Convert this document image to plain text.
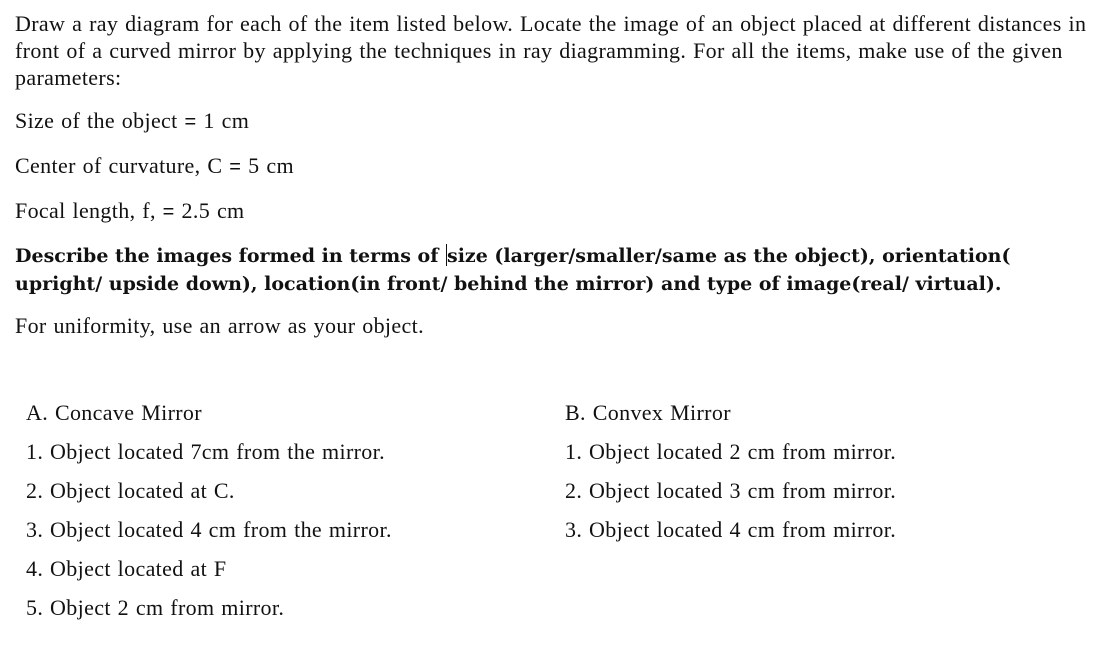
Draw a ray diagram for each of the item listed below. Locate the image of an object placed at different distances in front of a curved mirror by applying the techniques in ray diagramming. For all the items, make use of the given parameters:

Size of the object = 1 cm

Center of curvature, C = 5 cm

Focal length, f, = 2.5 cm

Describe the images formed in terms of size (larger/smaller/same as the object), orientation(
upright/ upside down), location(in front/ behind the mirror) and type of image(real/ virtual).

For uniformity, use an arrow as your object.

A. Concave Mirror
1. Object located 7cm from the mirror.
2. Object located at C.
3. Object located 4 cm from the mirror.
4. Object located at F
5. Object 2 cm from mirror.
B. Convex Mirror
1. Object located 2 cm from mirror.
2. Object located 3 cm from mirror.
3. Object located 4 cm from mirror.
